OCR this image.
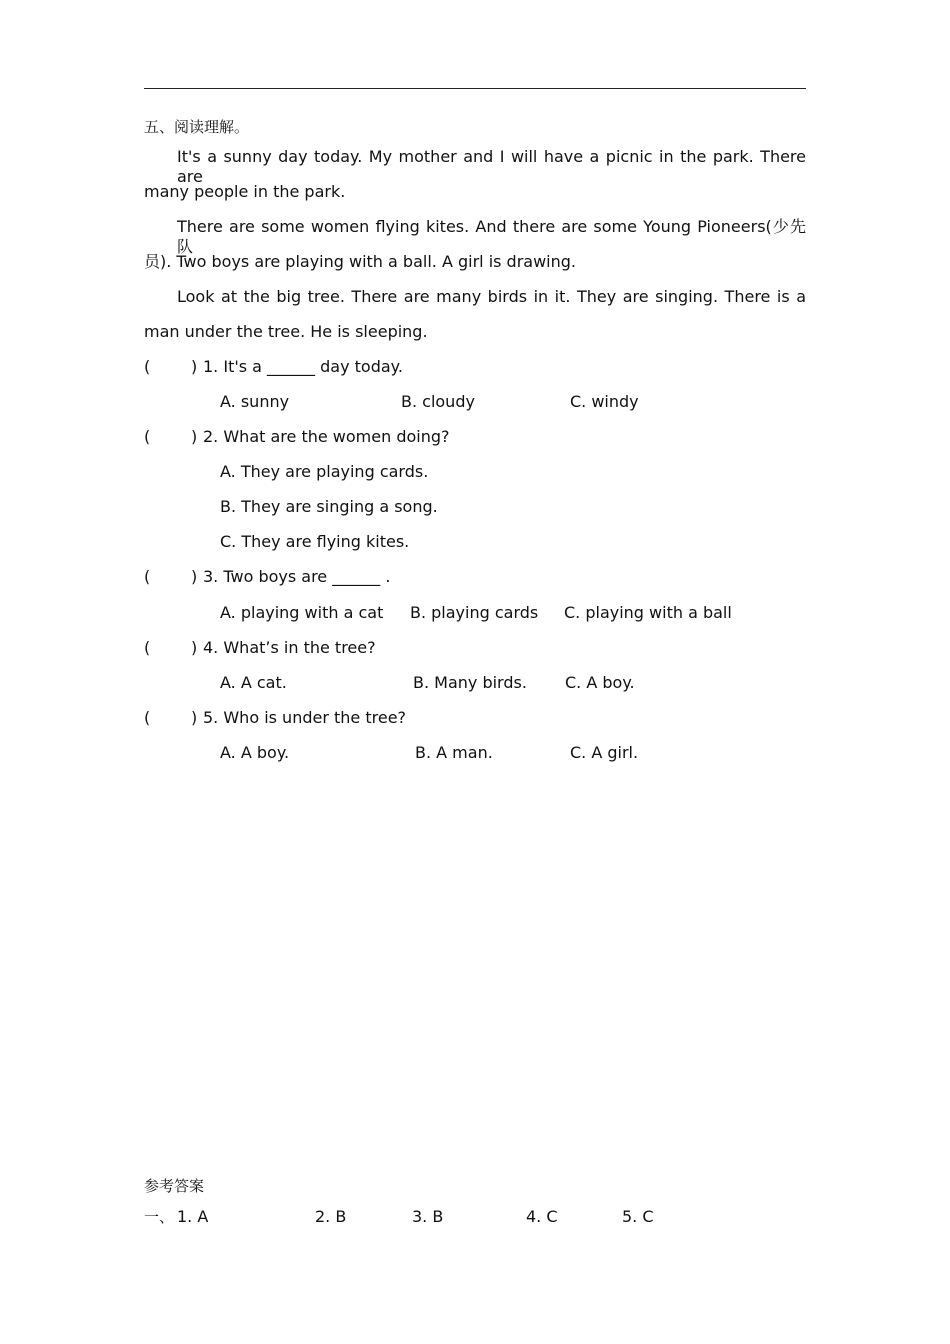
五、阅读理解。
It's a sunny day today. My mother and I will have a picnic in the park. There are
many people in the park.
There are some women flying kites. And there are some Young Pioneers(少先队
员). Two boys are playing with a ball. A girl is drawing.
Look at the big tree. There are many birds in it. They are singing. There is a
man under the tree. He is sleeping.
(	) 1. It's a ______ day today.
A. sunny	B. cloudy	C. windy
(	) 2. What are the women doing?
A. They are playing cards.
B. They are singing a song.
C. They are flying kites.
(	) 3. Two boys are ______ .
A. playing with a cat B. playing cards C. playing with a ball
(	) 4. What’s in the tree?
A. A cat.	B. Many birds. C. A boy.
(	) 5. Who is under the tree?
A. A boy.	B. A man.	C. A girl.
参考答案
一、 1. A	2. B	3. B	4. C	5. C
